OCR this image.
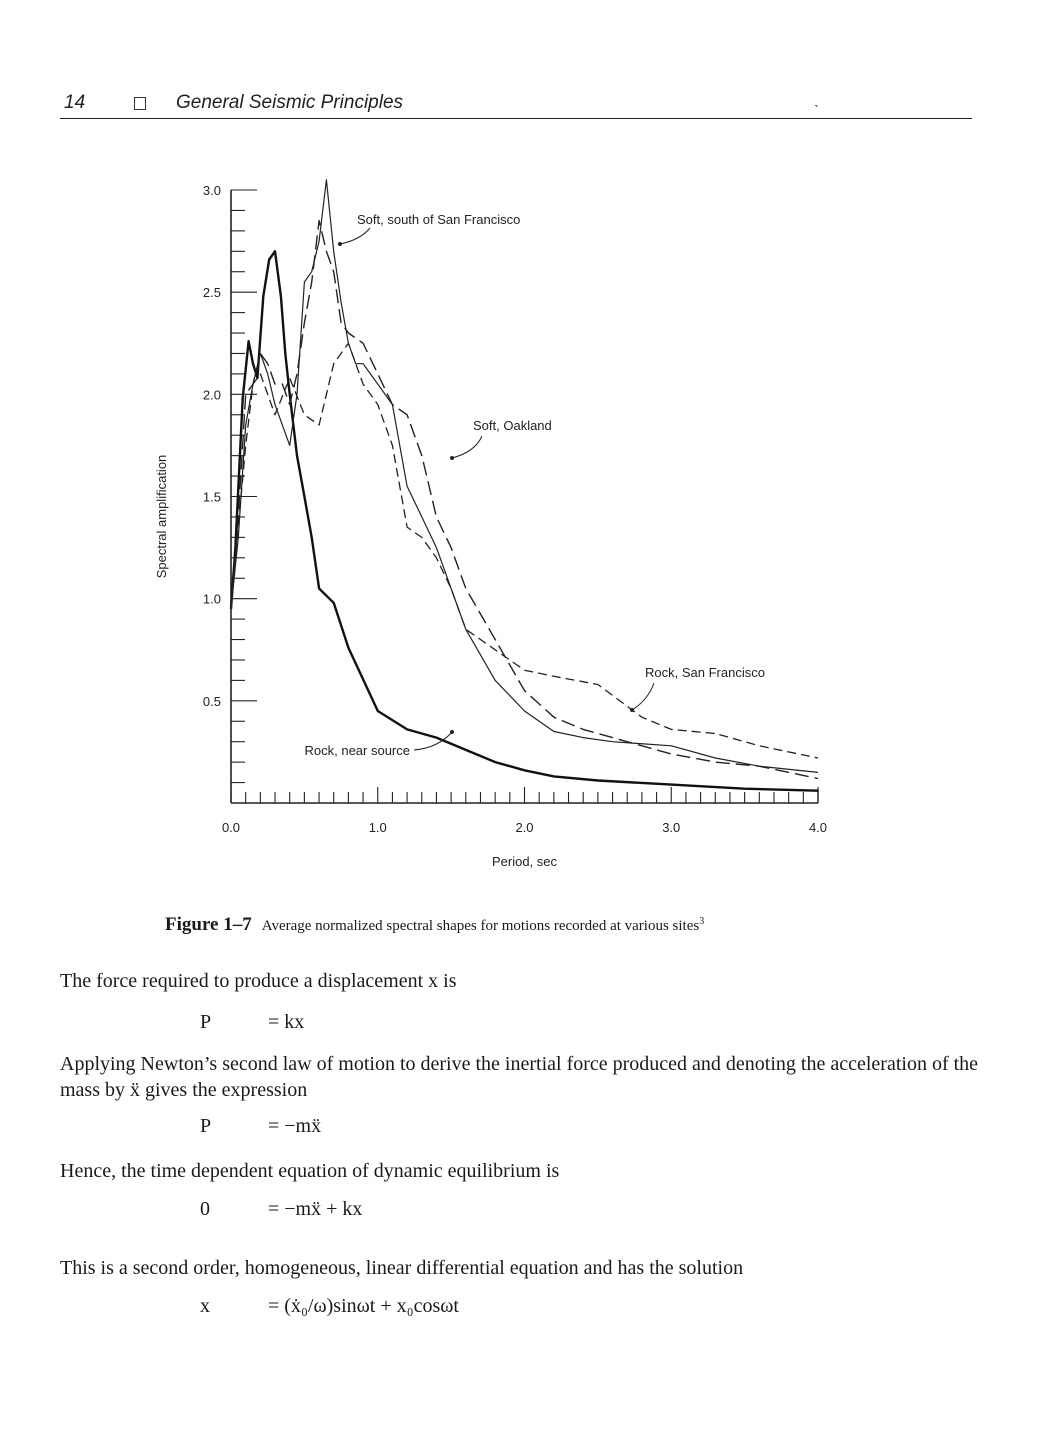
14	General Seismic Principles	˴
0.0	1.0	2.0	3.0	4.0
0.5
1.0
1.5
2.0
2.5
3.0
Period, sec
Spectral amplification
Soft, south of San Francisco
Soft, Oakland
Rock, San Francisco
Rock, near source
Figure 1–7 Average normalized spectral shapes for motions recorded at various sites$^3$
The force required to produce a displacement x is
P	= kx
Applying Newton’s second law of motion to derive the inertial force produced and denoting the acceleration of the mass by ẍ gives the expression
P	= −mẍ
Hence, the time dependent equation of dynamic equilibrium is
0	= −mẍ + kx
This is a second order, homogeneous, linear differential equation and has the solution
x	= (ẋ₀/ω)sinωt + x₀cosωt
